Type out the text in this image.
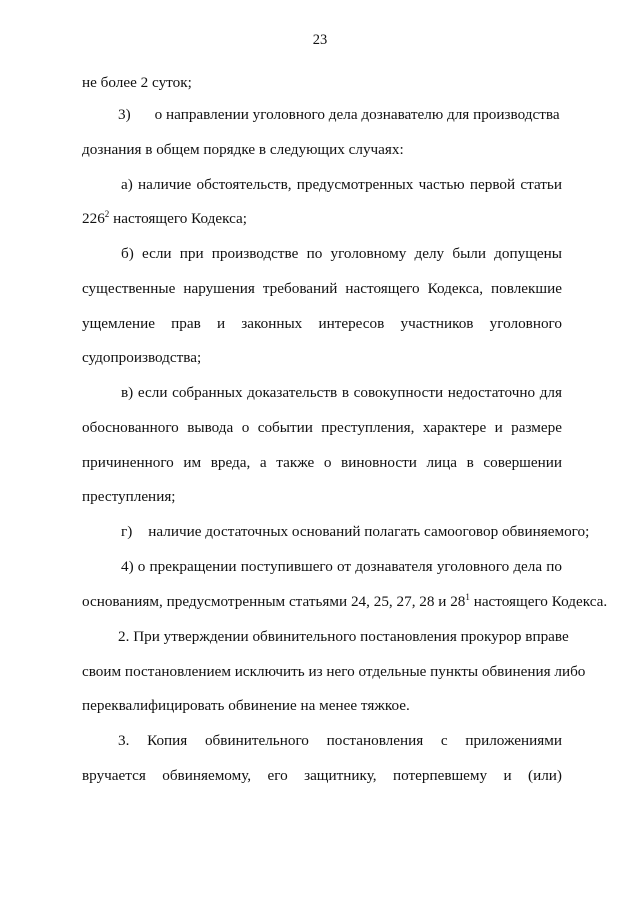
23
не более 2 суток;
3) о направлении уголовного дела дознавателю для производства
дознания в общем порядке в следующих случаях:
а) наличие обстоятельств, предусмотренных частью первой статьи
$226^2$ настоящего Кодекса;
б) если при производстве по уголовному делу были допущены
существенные нарушения требований настоящего Кодекса, повлекшие
ущемление прав и законных интересов участников уголовного
судопроизводства;
в) если собранных доказательств в совокупности недостаточно для
обоснованного вывода о событии преступления, характере и размере
причиненного им вреда, а также о виновности лица в совершении
преступления;
г) наличие достаточных оснований полагать самооговор обвиняемого;
4) о прекращении поступившего от дознавателя уголовного дела по
основаниям, предусмотренным статьями 24, 25, 27, 28 и $28^1$ настоящего Кодекса.
2. При утверждении обвинительного постановления прокурор вправе
своим постановлением исключить из него отдельные пункты обвинения либо
переквалифицировать обвинение на менее тяжкое.
3. Копия обвинительного постановления с приложениями
вручается обвиняемому, его защитнику, потерпевшему и (или)
